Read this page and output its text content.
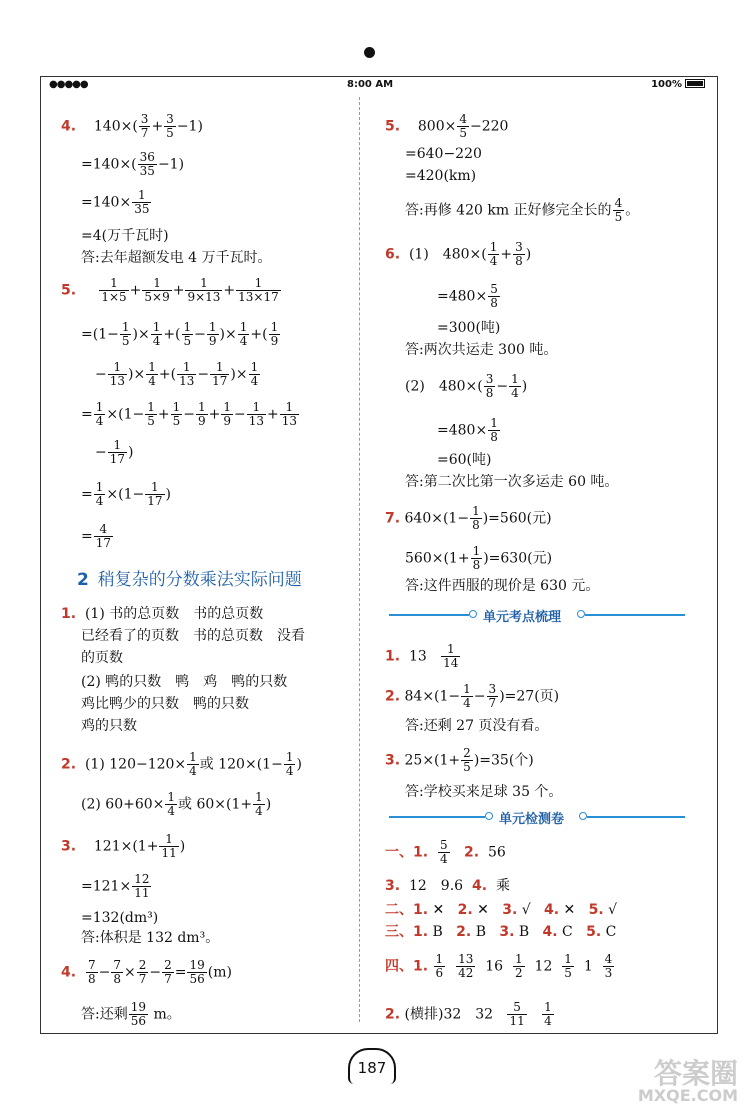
●●●●●	8:00 AM	100%
4. $140\times( \frac{3}{7} + \frac{3}{5} -1)$
$=140\times( \frac{36}{35} -1)$
$=140\times \frac{1}{35}$
=4(万千瓦时)
答:去年超额发电 4 万千瓦时。
5. $\frac{1}{1\times 5} + \frac{1}{5\times 9} + \frac{1}{9\times 13} + \frac{1}{13\times 17}$
$=(1- \frac{1}{5}$ )× $\frac{1}{4}$ +( $\frac{1}{5} - \frac{1}{9}$ )× $\frac{1}{4}$ +( $\frac{1}{9}$
− $\frac{1}{13}$ )× $\frac{1}{4}$ +( $\frac{1}{13} - \frac{1}{17}$ )× $\frac{1}{4}$
= $\frac{1}{4} \times(1- \frac{1}{5} + \frac{1}{5} - \frac{1}{9} + \frac{1}{9} - \frac{1}{13} + \frac{1}{13}$
− $\frac{1}{17}$ )
= $\frac{1}{4} \times(1- \frac{1}{17}$ )
= $\frac{4}{17}$
2 稍复杂的分数乘法实际问题
1. (1) 书的总页数　书的总页数
已经看了的页数　书的总页数　没看
的页数
(2) 鸭的只数　鸭　鸡　鸭的只数
鸡比鸭少的只数　鸭的只数
鸡的只数
2. (1) $120-120\times \frac{1}{4}$ 或 $120\times(1- \frac{1}{4}$ )
(2) $60+60\times \frac{1}{4}$ 或 $60\times(1+ \frac{1}{4}$ )
3. $121\times(1+ \frac{1}{11}$ )
$=121\times \frac{12}{11}$
=132(dm³)
答:体积是 132 dm³。
4. $\frac{7}{8} - \frac{7}{8} \times \frac{2}{7} - \frac{2}{7} = \frac{19}{56} (m)$
答:还剩 $\frac{19}{56}$ m。
5. $800\times \frac{4}{5} -220$
=640−220
=420(km)
答:再修 420 km 正好修完全长的 $\frac{4}{5}$ 。
6. (1)　$480\times( \frac{1}{4} + \frac{3}{8}$ )
$=480\times \frac{5}{8}$
=300(吨)
答:两次共运走 300 吨。
(2)　$480\times( \frac{3}{8} - \frac{1}{4}$ )
$=480\times \frac{1}{8}$
=60(吨)
答:第二次比第一次多运走 60 吨。
7. $640\times(1- \frac{1}{8} )=560$(元)
$560\times(1+ \frac{1}{8} )=630$(元)
答:这件西服的现价是 630 元。
单元考点梳理
1. $13 \frac{1}{14}$
2. $84\times(1- \frac{1}{4} - \frac{3}{7} )=27$(页)
答:还剩 27 页没有看。
3. $25\times(1+ \frac{2}{5} )=35$(个)
答:学校买来足球 35 个。
单元检测卷
一、1. $\frac{5}{4} 2$. 56
3. 12　9.6 4. 乘
二、1. ✕ 2. ✕ 3. √ 4. ✕ 5. √
三、1. B 2. B 3. B 4. C 5. C
四、1. $\frac{1}{6}$
$\frac{13}{42} 16 \frac{1}{2} 12 \frac{1}{5} 1 \frac{4}{3}$
2. (横排)32　$32 \frac{5}{11}$
$\frac{1}{4}$
187	答案圈
MXQE.COM
